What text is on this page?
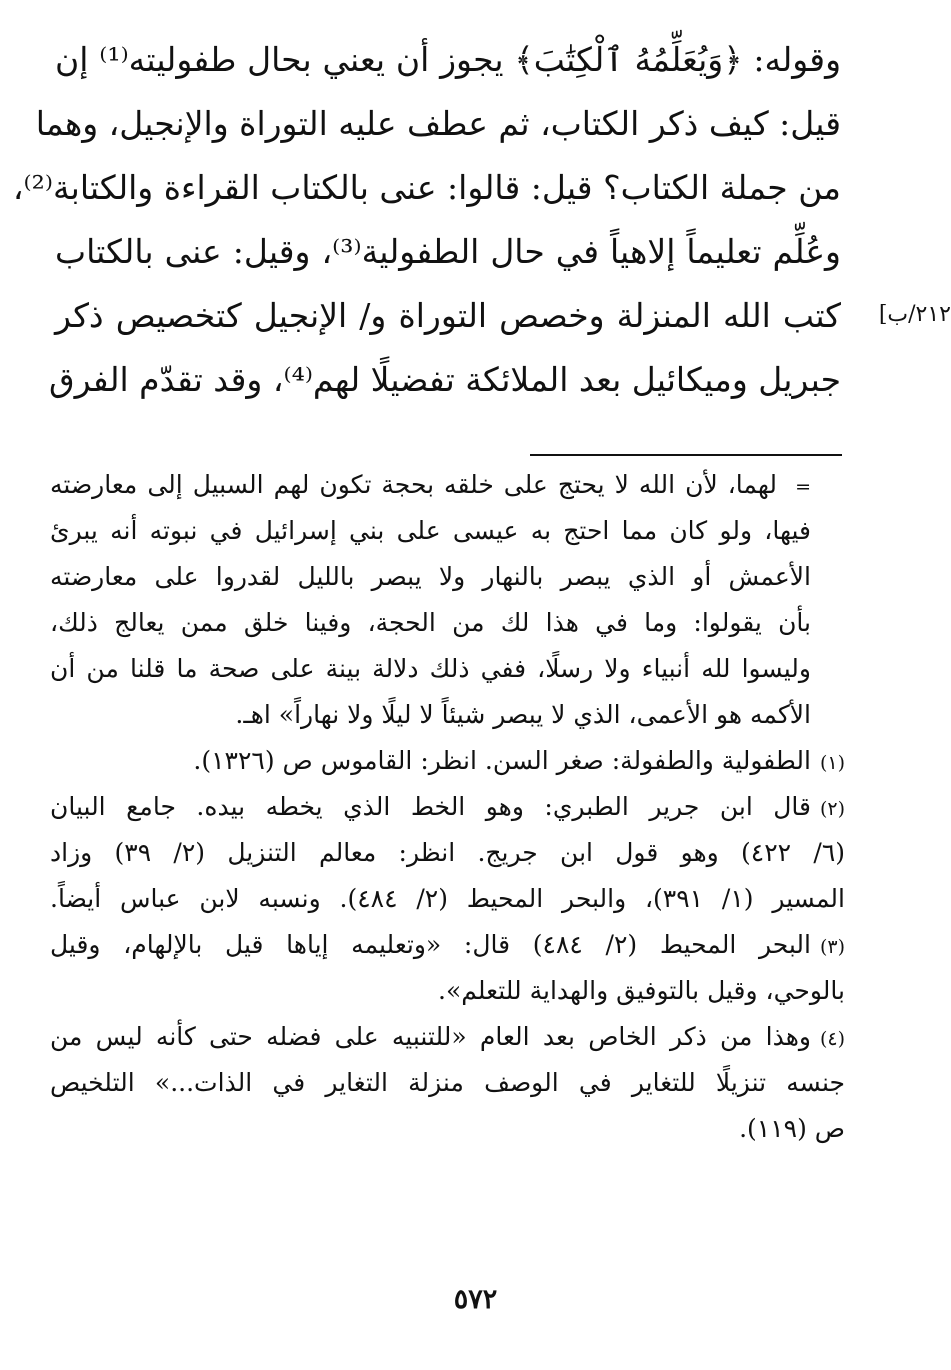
وقوله: ﴿وَيُعَلِّمُهُ ٱلْكِتَٰبَ﴾ يجوز أن يعني بحال طفوليته⁽¹⁾ إن
قيل: كيف ذكر الكتاب، ثم عطف عليه التوراة والإنجيل، وهما
من جملة الكتاب؟ قيل: قالوا: عنى بالكتاب القراءة والكتابة⁽²⁾،
وعُلِّم تعليماً إلاهياً في حال الطفولية⁽³⁾، وقيل: عنى بالكتاب
كتب الله المنزلة وخصص التوراة و/ الإنجيل كتخصيص ذكر
جبريل وميكائيل بعد الملائكة تفضيلًا لهم⁽⁴⁾، وقد تقدّم الفرق
٢١٢/ب]
=لهما، لأن الله لا يحتج على خلقه بحجة تكون لهم السبيل إلى معارضته
فيها، ولو كان مما احتج به عيسى على بني إسرائيل في نبوته أنه يبرئ
الأعمش أو الذي يبصر بالنهار ولا يبصر بالليل لقدروا على معارضته
بأن يقولوا: وما في هذا لك من الحجة، وفينا خلق ممن يعالج ذلك،
وليسوا لله أنبياء ولا رسلًا، ففي ذلك دلالة بينة على صحة ما قلنا من أن
الأكمه هو الأعمى، الذي لا يبصر شيئاً لا ليلًا ولا نهاراً» اهـ.
(١)الطفولية والطفولة: صغر السن. انظر: القاموس ص (١٣٢٦).
(٢)قال ابن جرير الطبري: وهو الخط الذي يخطه بيده. جامع البيان
(٦/ ٤٢٢) وهو قول ابن جريج. انظر: معالم التنزيل (٢/ ٣٩) وزاد
المسير (١/ ٣٩١)، والبحر المحيط (٢/ ٤٨٤). ونسبه لابن عباس أيضاً.
(٣)البحر المحيط (٢/ ٤٨٤) قال: «وتعليمه إياها قيل بالإلهام، وقيل
بالوحي، وقيل بالتوفيق والهداية للتعلم».
(٤)وهذا من ذكر الخاص بعد العام «للتنبيه على فضله حتى كأنه ليس من
جنسه تنزيلًا للتغاير في الوصف منزلة التغاير في الذات...» التلخيص
ص (١١٩).
٥٧٢
